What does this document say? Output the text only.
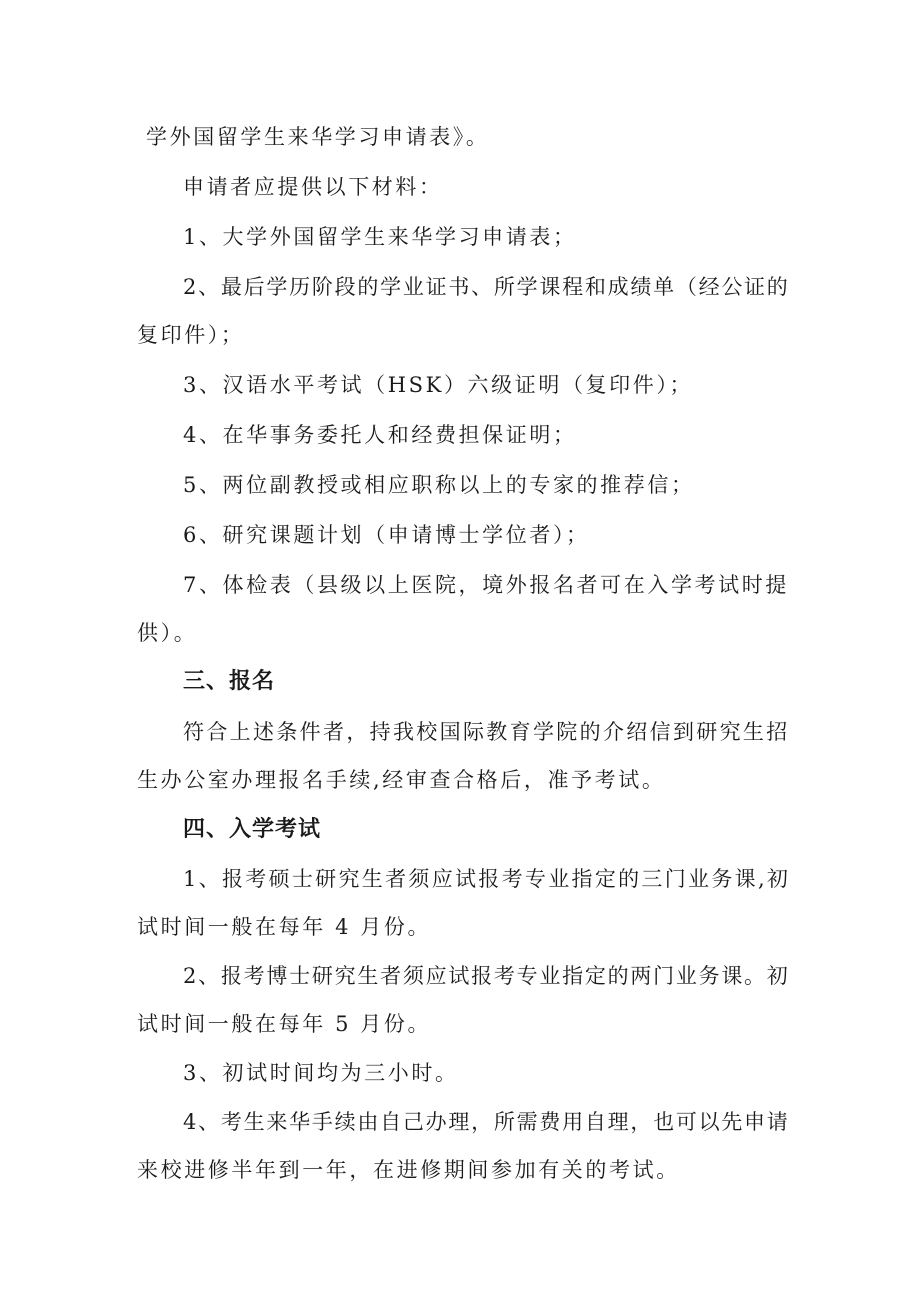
学外国留学生来华学习申请表》。
申请者应提供以下材料：
1、大学外国留学生来华学习申请表；
2、最后学历阶段的学业证书、所学课程和成绩单（经公证的
复印件）；
3、汉语水平考试（HSK）六级证明（复印件）；
4、在华事务委托人和经费担保证明；
5、两位副教授或相应职称以上的专家的推荐信；
6、研究课题计划（申请博士学位者）；
7、体检表（县级以上医院，境外报名者可在入学考试时提
供）。
三、报名
符合上述条件者，持我校国际教育学院的介绍信到研究生招
生办公室办理报名手续,经审查合格后，准予考试。
四、入学考试
1、报考硕士研究生者须应试报考专业指定的三门业务课,初
试时间一般在每年 4 月份。
2、报考博士研究生者须应试报考专业指定的两门业务课。初
试时间一般在每年 5 月份。
3、初试时间均为三小时。
4、考生来华手续由自己办理，所需费用自理，也可以先申请
来校进修半年到一年，在进修期间参加有关的考试。
